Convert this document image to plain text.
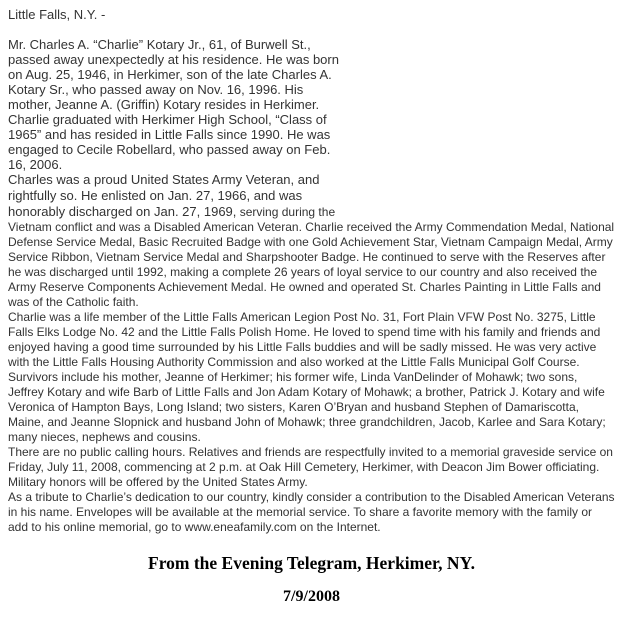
Little Falls, N.Y. -

Mr. Charles A. “Charlie” Kotary Jr., 61, of Burwell St., passed away unexpectedly at his residence. He was born on Aug. 25, 1946, in Herkimer, son of the late Charles A. Kotary Sr., who passed away on Nov. 16, 1996. His mother, Jeanne A. (Griffin) Kotary resides in Herkimer. Charlie graduated with Herkimer High School, “Class of 1965” and has resided in Little Falls since 1990. He was engaged to Cecile Robellard, who passed away on Feb. 16, 2006.

Charles was a proud United States Army Veteran, and rightfully so. He enlisted on Jan. 27, 1966, and was honorably discharged on Jan. 27, 1969, serving during the Vietnam conflict and was a Disabled American Veteran. Charlie received the Army Commendation Medal, National Defense Service Medal, Basic Recruited Badge with one Gold Achievement Star, Vietnam Campaign Medal, Army Service Ribbon, Vietnam Service Medal and Sharpshooter Badge. He continued to serve with the Reserves after he was discharged until 1992, making a complete 26 years of loyal service to our country and also received the Army Reserve Components Achievement Medal. He owned and operated St. Charles Painting in Little Falls and was of the Catholic faith.

Charlie was a life member of the Little Falls American Legion Post No. 31, Fort Plain VFW Post No. 3275, Little Falls Elks Lodge No. 42 and the Little Falls Polish Home. He loved to spend time with his family and friends and enjoyed having a good time surrounded by his Little Falls buddies and will be sadly missed. He was very active with the Little Falls Housing Authority Commission and also worked at the Little Falls Municipal Golf Course.

Survivors include his mother, Jeanne of Herkimer; his former wife, Linda VanDelinder of Mohawk; two sons, Jeffrey Kotary and wife Barb of Little Falls and Jon Adam Kotary of Mohawk; a brother, Patrick J. Kotary and wife Veronica of Hampton Bays, Long Island; two sisters, Karen O’Bryan and husband Stephen of Damariscotta, Maine, and Jeanne Slopnick and husband John of Mohawk; three grandchildren, Jacob, Karlee and Sara Kotary; many nieces, nephews and cousins.

There are no public calling hours. Relatives and friends are respectfully invited to a memorial graveside service on Friday, July 11, 2008, commencing at 2 p.m. at Oak Hill Cemetery, Herkimer, with Deacon Jim Bower officiating. Military honors will be offered by the United States Army.

As a tribute to Charlie’s dedication to our country, kindly consider a contribution to the Disabled American Veterans in his name. Envelopes will be available at the memorial service. To share a favorite memory with the family or add to his online memorial, go to www.eneafamily.com on the Internet.

From the Evening Telegram, Herkimer, NY.
7/9/2008
